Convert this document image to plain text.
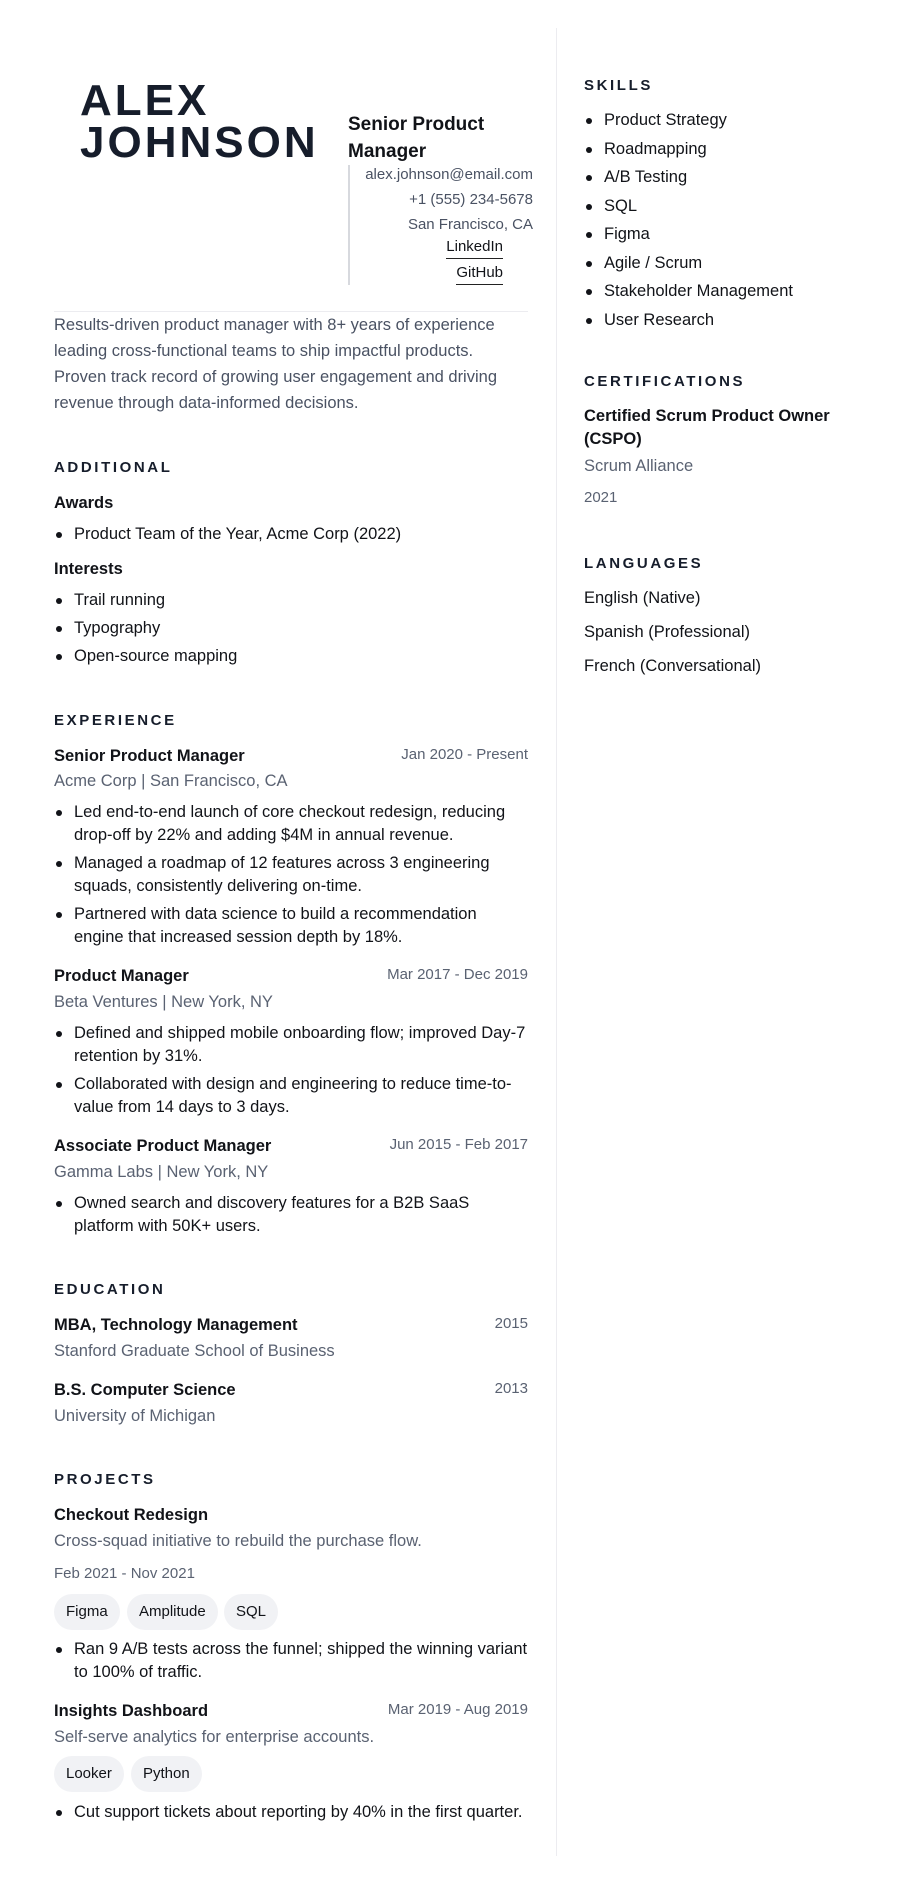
ALEX
JOHNSON Senior Product Manager
alex.johnson@email.com
+1 (555) 234-5678
San Francisco, CA
LinkedIn
GitHub

Results-driven product manager with 8+ years of experience leading cross-functional teams to ship impactful products. Proven track record of growing user engagement and driving revenue through data-informed decisions.

ADDITIONAL
Awards
Product Team of the Year, Acme Corp (2022)
Interests
Trail running
Typography
Open-source mapping
EXPERIENCE
Senior Product Manager	Jan 2020 - Present
Acme Corp | San Francisco, CA
Led end-to-end launch of core checkout redesign, reducing drop-off by 22% and adding $4M in annual revenue.
Managed a roadmap of 12 features across 3 engineering squads, consistently delivering on-time.
Partnered with data science to build a recommendation engine that increased session depth by 18%.
Product Manager	Mar 2017 - Dec 2019
Beta Ventures | New York, NY
Defined and shipped mobile onboarding flow; improved Day-7 retention by 31%.
Collaborated with design and engineering to reduce time-to-value from 14 days to 3 days.
Associate Product Manager	Jun 2015 - Feb 2017
Gamma Labs | New York, NY
Owned search and discovery features for a B2B SaaS platform with 50K+ users.
EDUCATION
MBA, Technology Management	2015
Stanford Graduate School of Business
B.S. Computer Science	2013
University of Michigan
PROJECTS
Checkout Redesign
Cross-squad initiative to rebuild the purchase flow.
Feb 2021 - Nov 2021
Figma	Amplitude	SQL
Ran 9 A/B tests across the funnel; shipped the winning variant to 100% of traffic.
Insights Dashboard	Mar 2019 - Aug 2019
Self-serve analytics for enterprise accounts.
Looker	Python
Cut support tickets about reporting by 40% in the first quarter.
SKILLS
Product Strategy
Roadmapping
A/B Testing
SQL
Figma
Agile / Scrum
Stakeholder Management
User Research
CERTIFICATIONS
Certified Scrum Product Owner (CSPO)
Scrum Alliance
2021
LANGUAGES
English (Native)
Spanish (Professional)
French (Conversational)
